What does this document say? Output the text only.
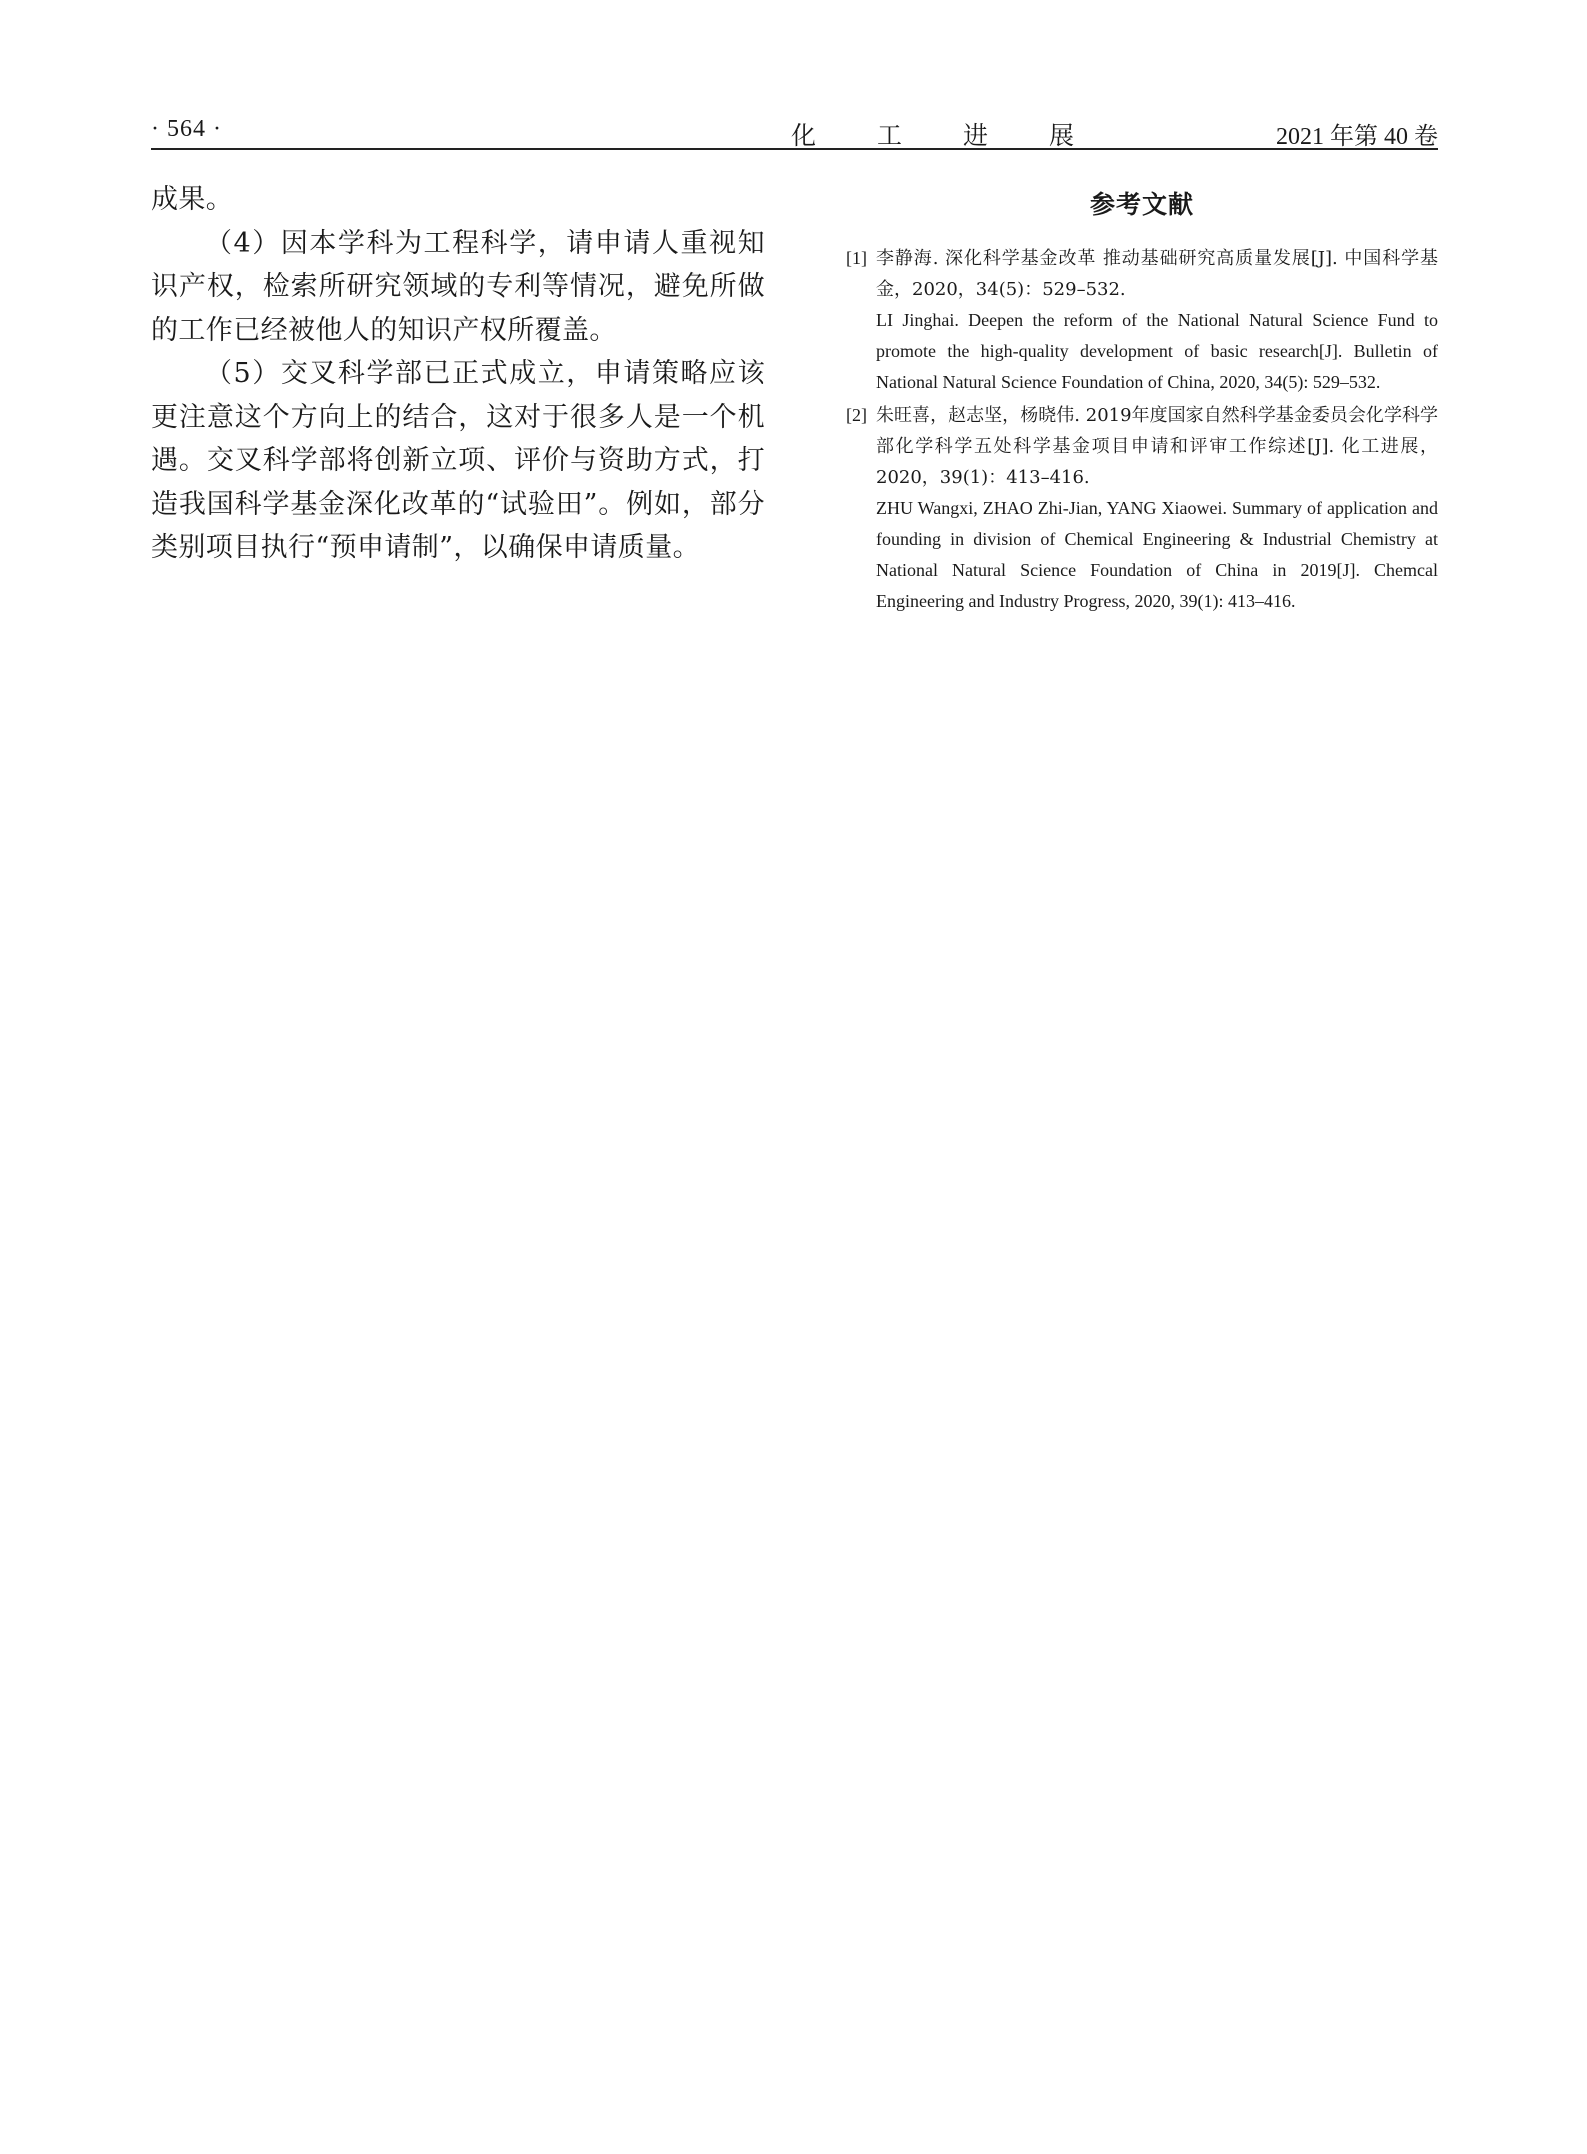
· 564 ·	化工进展	2021 年第 40 卷

成果。

（4）因本学科为工程科学，请申请人重视知识产权，检索所研究领域的专利等情况，避免所做的工作已经被他人的知识产权所覆盖。

（5）交叉科学部已正式成立，申请策略应该更注意这个方向上的结合，这对于很多人是一个机遇。交叉科学部将创新立项、评价与资助方式，打造我国科学基金深化改革的“试验田”。例如，部分类别项目执行“预申请制”，以确保申请质量。

参考文献
[1] 李静海. 深化科学基金改革 推动基础研究高质量发展[J]. 中国科学基金，2020，34(5)：529–532.

LI Jinghai. Deepen the reform of the National Natural Science Fund to promote the high-quality development of basic research[J]. Bulletin of National Natural Science Foundation of China, 2020, 34(5): 529–532.

[2] 朱旺喜，赵志坚，杨晓伟. 2019年度国家自然科学基金委员会化学科学部化学科学五处科学基金项目申请和评审工作综述[J]. 化工进展，2020，39(1)：413–416.

ZHU Wangxi, ZHAO Zhi-Jian, YANG Xiaowei. Summary of application and founding in division of Chemical Engineering & Industrial Chemistry at National Natural Science Foundation of China in 2019[J]. Chemcal Engineering and Industry Progress, 2020, 39(1): 413–416.
